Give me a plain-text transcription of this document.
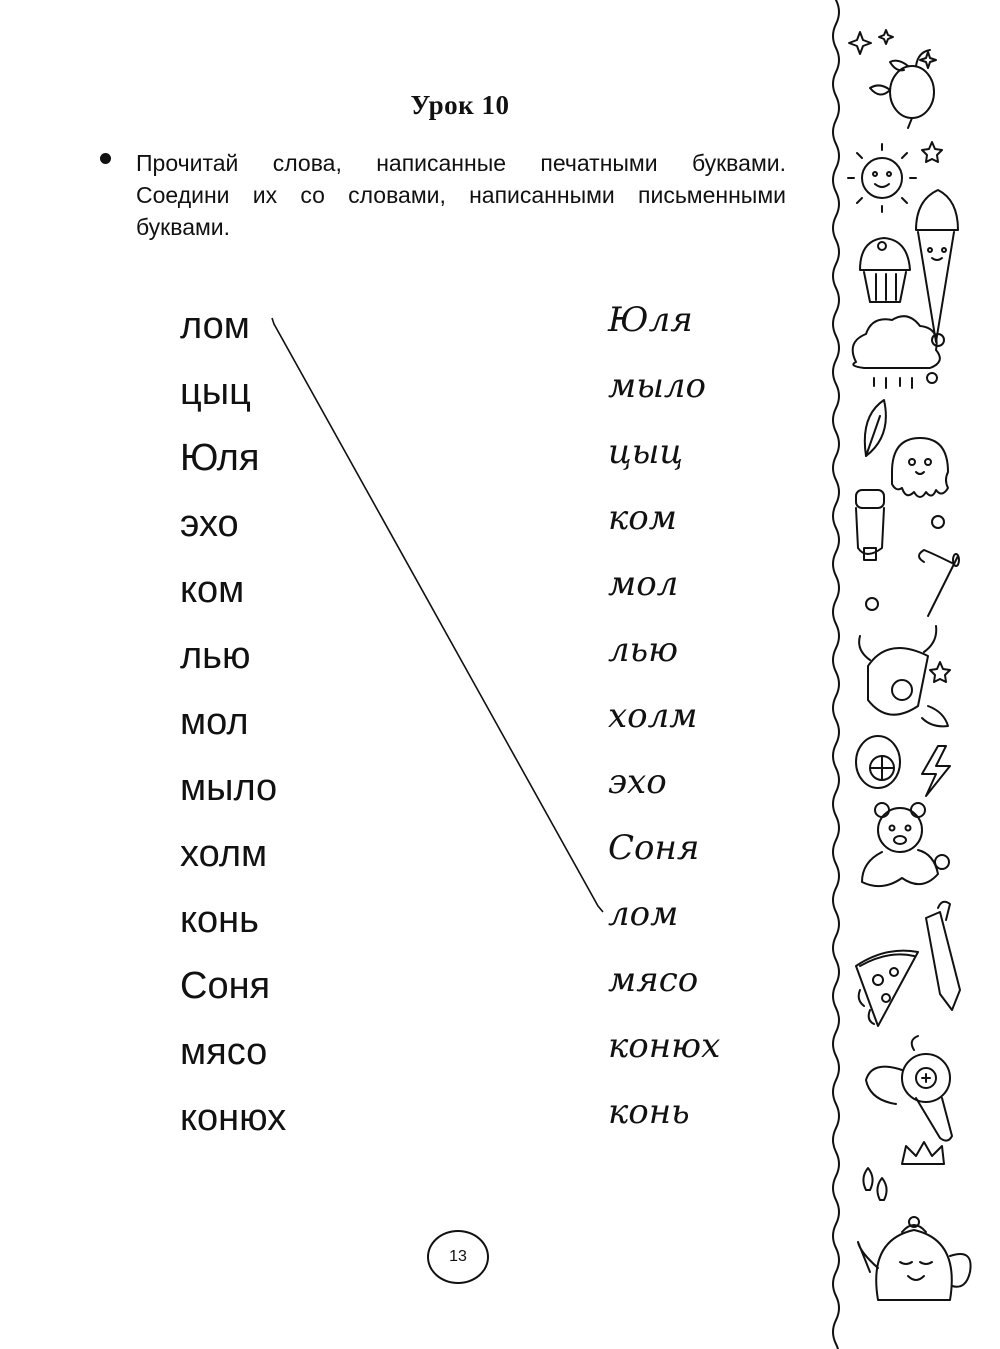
Урок 10
Прочитай слова, написанные печатными буквами. Соедини их со словами, написанными письменными буквами.
лом
цыц
Юля
эхо
ком
лью
мол
мыло
холм
конь
Соня
мясо
конюх
Юля
мыло
цыц
ком
мол
лью
холм
эхо
Соня
лом
мясо
конюх
конь
13
